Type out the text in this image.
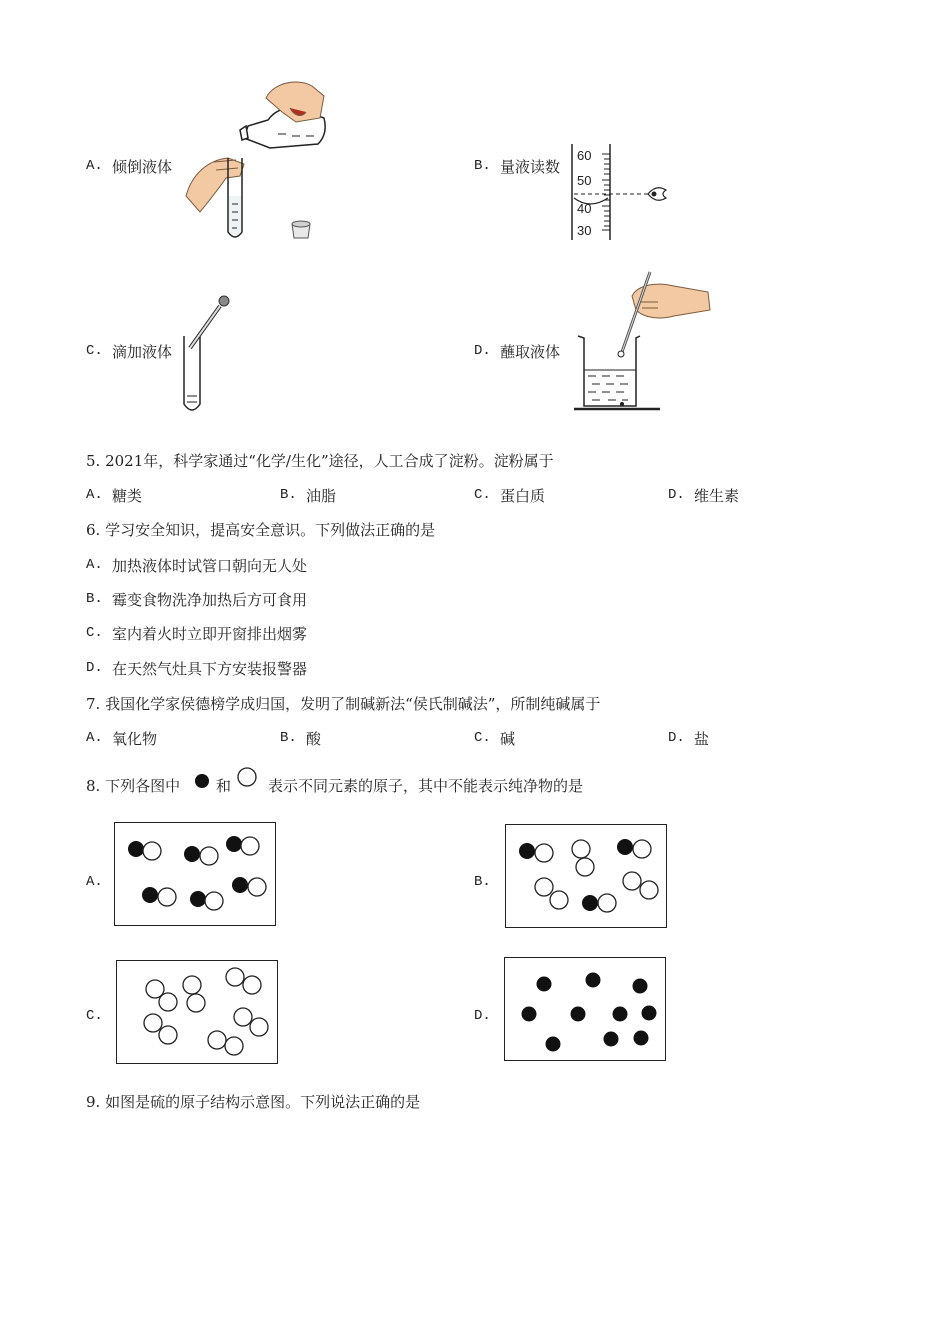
A. 倾倒液体	B. 量液读数
60
50
40
30
C. 滴加液体	D. 蘸取液体
5. 2021年，科学家通过“化学/生化”途径，人工合成了淀粉。淀粉属于
A. 糖类	B. 油脂	C. 蛋白质	D. 维生素
6. 学习安全知识，提高安全意识。下列做法正确的是
A. 加热液体时试管口朝向无人处
B. 霉变食物洗净加热后方可食用
C. 室内着火时立即开窗排出烟雾
D. 在天然气灶具下方安装报警器
7. 我国化学家侯德榜学成归国，发明了制碱新法“侯氏制碱法”，所制纯碱属于
A. 氧化物	B. 酸	C. 碱	D. 盐
8. 下列各图中 和 表示不同元素的原子，其中不能表示纯净物的是
A.	B.
C.	D.
9. 如图是硫的原子结构示意图。下列说法正确的是
